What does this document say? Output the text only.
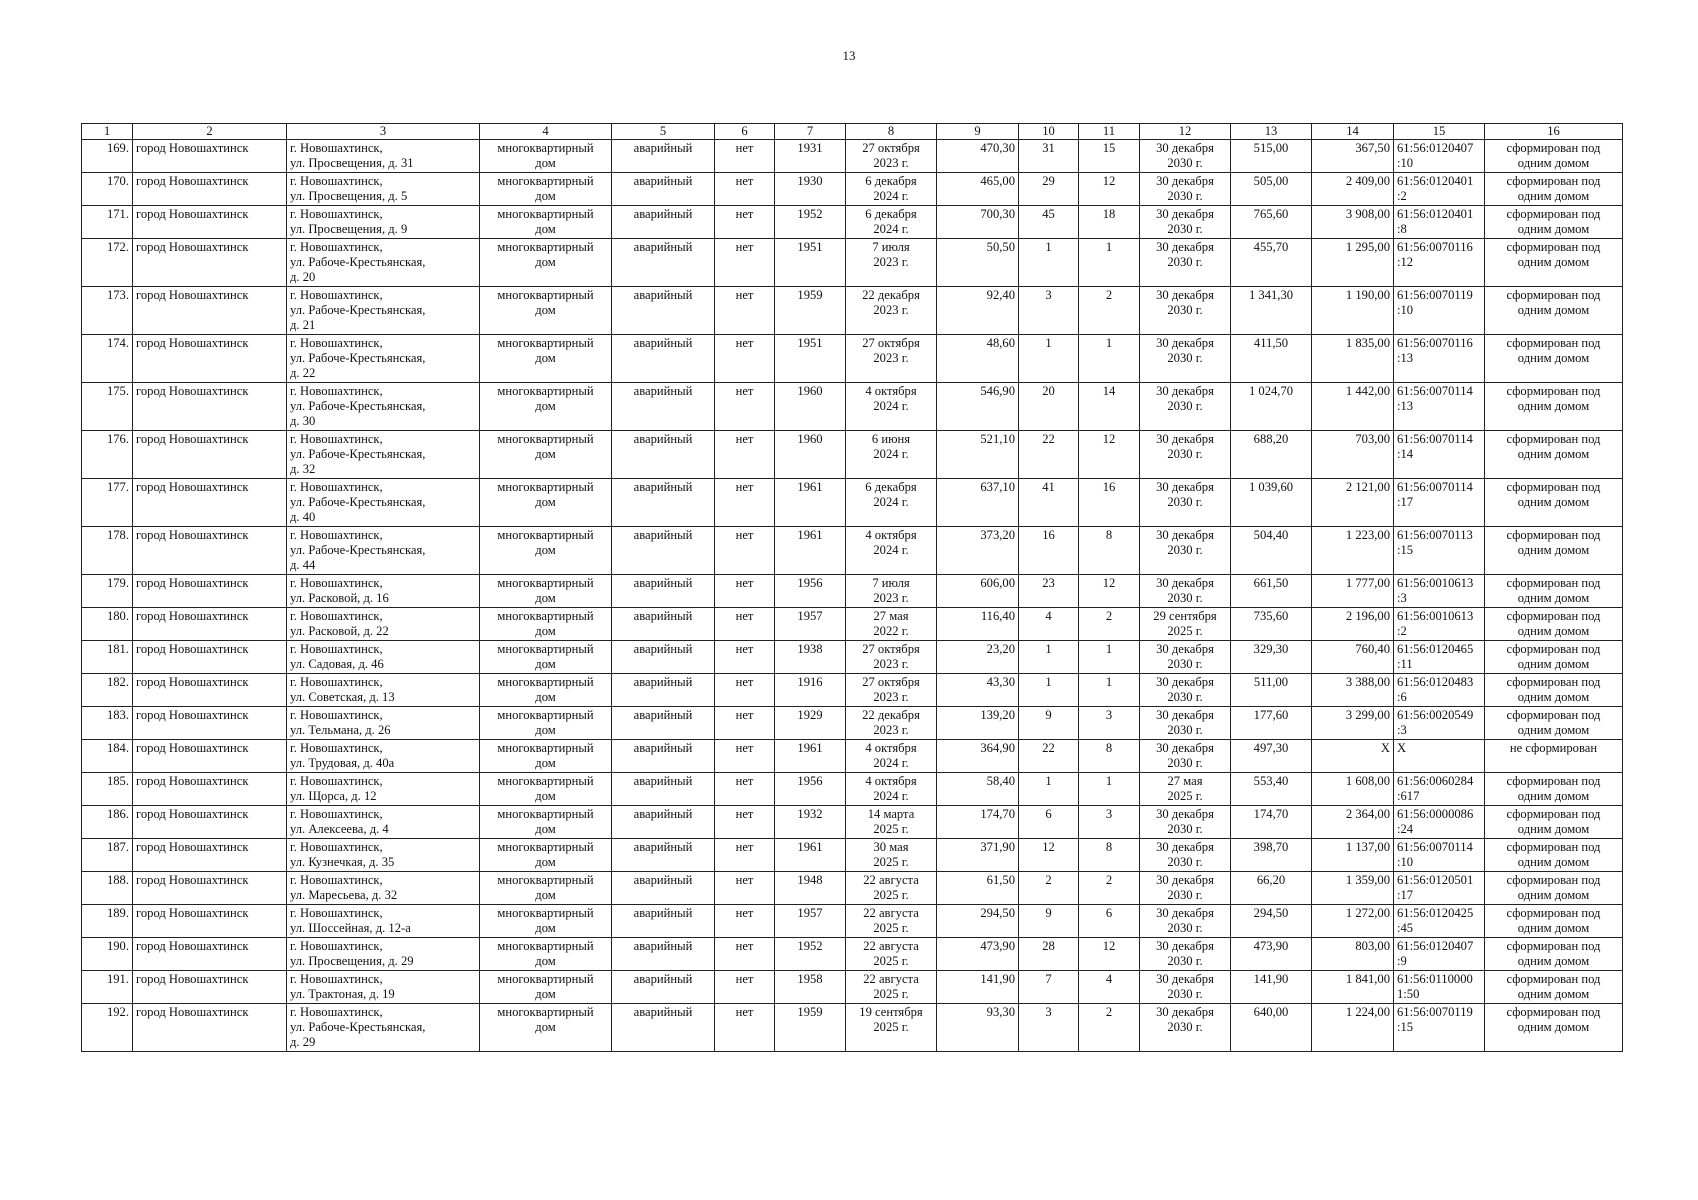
13
1	2	3	4	5	6	7	8	9	10	11	12	13	14	15	16
169.	город Новошахтинск	г. Новошахтинск,
ул. Просвещения, д. 31	многоквартирный
дом	аварийный	нет	1931	27 октября
2023 г.	470,30	31	15	30 декабря
2030 г.	515,00	367,50	61:56:0120407
:10	сформирован под
одним домом
170.	город Новошахтинск	г. Новошахтинск,
ул. Просвещения, д. 5	многоквартирный
дом	аварийный	нет	1930	6 декабря
2024 г.	465,00	29	12	30 декабря
2030 г.	505,00	2 409,00	61:56:0120401
:2	сформирован под
одним домом
171.	город Новошахтинск	г. Новошахтинск,
ул. Просвещения, д. 9	многоквартирный
дом	аварийный	нет	1952	6 декабря
2024 г.	700,30	45	18	30 декабря
2030 г.	765,60	3 908,00	61:56:0120401
:8	сформирован под
одним домом
172.	город Новошахтинск	г. Новошахтинск,
ул. Рабоче-Крестьянская,
д. 20	многоквартирный
дом	аварийный	нет	1951	7 июля
2023 г.	50,50	1	1	30 декабря
2030 г.	455,70	1 295,00	61:56:0070116
:12	сформирован под
одним домом
173.	город Новошахтинск	г. Новошахтинск,
ул. Рабоче-Крестьянская,
д. 21	многоквартирный
дом	аварийный	нет	1959	22 декабря
2023 г.	92,40	3	2	30 декабря
2030 г.	1 341,30	1 190,00	61:56:0070119
:10	сформирован под
одним домом
174.	город Новошахтинск	г. Новошахтинск,
ул. Рабоче-Крестьянская,
д. 22	многоквартирный
дом	аварийный	нет	1951	27 октября
2023 г.	48,60	1	1	30 декабря
2030 г.	411,50	1 835,00	61:56:0070116
:13	сформирован под
одним домом
175.	город Новошахтинск	г. Новошахтинск,
ул. Рабоче-Крестьянская,
д. 30	многоквартирный
дом	аварийный	нет	1960	4 октября
2024 г.	546,90	20	14	30 декабря
2030 г.	1 024,70	1 442,00	61:56:0070114
:13	сформирован под
одним домом
176.	город Новошахтинск	г. Новошахтинск,
ул. Рабоче-Крестьянская,
д. 32	многоквартирный
дом	аварийный	нет	1960	6 июня
2024 г.	521,10	22	12	30 декабря
2030 г.	688,20	703,00	61:56:0070114
:14	сформирован под
одним домом
177.	город Новошахтинск	г. Новошахтинск,
ул. Рабоче-Крестьянская,
д. 40	многоквартирный
дом	аварийный	нет	1961	6 декабря
2024 г.	637,10	41	16	30 декабря
2030 г.	1 039,60	2 121,00	61:56:0070114
:17	сформирован под
одним домом
178.	город Новошахтинск	г. Новошахтинск,
ул. Рабоче-Крестьянская,
д. 44	многоквартирный
дом	аварийный	нет	1961	4 октября
2024 г.	373,20	16	8	30 декабря
2030 г.	504,40	1 223,00	61:56:0070113
:15	сформирован под
одним домом
179.	город Новошахтинск	г. Новошахтинск,
ул. Расковой, д. 16	многоквартирный
дом	аварийный	нет	1956	7 июля
2023 г.	606,00	23	12	30 декабря
2030 г.	661,50	1 777,00	61:56:0010613
:3	сформирован под
одним домом
180.	город Новошахтинск	г. Новошахтинск,
ул. Расковой, д. 22	многоквартирный
дом	аварийный	нет	1957	27 мая
2022 г.	116,40	4	2	29 сентября
2025 г.	735,60	2 196,00	61:56:0010613
:2	сформирован под
одним домом
181.	город Новошахтинск	г. Новошахтинск,
ул. Садовая, д. 46	многоквартирный
дом	аварийный	нет	1938	27 октября
2023 г.	23,20	1	1	30 декабря
2030 г.	329,30	760,40	61:56:0120465
:11	сформирован под
одним домом
182.	город Новошахтинск	г. Новошахтинск,
ул. Советская, д. 13	многоквартирный
дом	аварийный	нет	1916	27 октября
2023 г.	43,30	1	1	30 декабря
2030 г.	511,00	3 388,00	61:56:0120483
:6	сформирован под
одним домом
183.	город Новошахтинск	г. Новошахтинск,
ул. Тельмана, д. 26	многоквартирный
дом	аварийный	нет	1929	22 декабря
2023 г.	139,20	9	3	30 декабря
2030 г.	177,60	3 299,00	61:56:0020549
:3	сформирован под
одним домом
184.	город Новошахтинск	г. Новошахтинск,
ул. Трудовая, д. 40а	многоквартирный
дом	аварийный	нет	1961	4 октября
2024 г.	364,90	22	8	30 декабря
2030 г.	497,30	X	X	не сформирован
185.	город Новошахтинск	г. Новошахтинск,
ул. Щорса, д. 12	многоквартирный
дом	аварийный	нет	1956	4 октября
2024 г.	58,40	1	1	27 мая
2025 г.	553,40	1 608,00	61:56:0060284
:617	сформирован под
одним домом
186.	город Новошахтинск	г. Новошахтинск,
ул. Алексеева, д. 4	многоквартирный
дом	аварийный	нет	1932	14 марта
2025 г.	174,70	6	3	30 декабря
2030 г.	174,70	2 364,00	61:56:0000086
:24	сформирован под
одним домом
187.	город Новошахтинск	г. Новошахтинск,
ул. Кузнечкая, д. 35	многоквартирный
дом	аварийный	нет	1961	30 мая
2025 г.	371,90	12	8	30 декабря
2030 г.	398,70	1 137,00	61:56:0070114
:10	сформирован под
одним домом
188.	город Новошахтинск	г. Новошахтинск,
ул. Маресьева, д. 32	многоквартирный
дом	аварийный	нет	1948	22 августа
2025 г.	61,50	2	2	30 декабря
2030 г.	66,20	1 359,00	61:56:0120501
:17	сформирован под
одним домом
189.	город Новошахтинск	г. Новошахтинск,
ул. Шоссейная, д. 12-а	многоквартирный
дом	аварийный	нет	1957	22 августа
2025 г.	294,50	9	6	30 декабря
2030 г.	294,50	1 272,00	61:56:0120425
:45	сформирован под
одним домом
190.	город Новошахтинск	г. Новошахтинск,
ул. Просвещения, д. 29	многоквартирный
дом	аварийный	нет	1952	22 августа
2025 г.	473,90	28	12	30 декабря
2030 г.	473,90	803,00	61:56:0120407
:9	сформирован под
одним домом
191.	город Новошахтинск	г. Новошахтинск,
ул. Трактоная, д. 19	многоквартирный
дом	аварийный	нет	1958	22 августа
2025 г.	141,90	7	4	30 декабря
2030 г.	141,90	1 841,00	61:56:0110000
1:50	сформирован под
одним домом
192.	город Новошахтинск	г. Новошахтинск,
ул. Рабоче-Крестьянская,
д. 29	многоквартирный
дом	аварийный	нет	1959	19 сентября
2025 г.	93,30	3	2	30 декабря
2030 г.	640,00	1 224,00	61:56:0070119
:15	сформирован под
одним домом
